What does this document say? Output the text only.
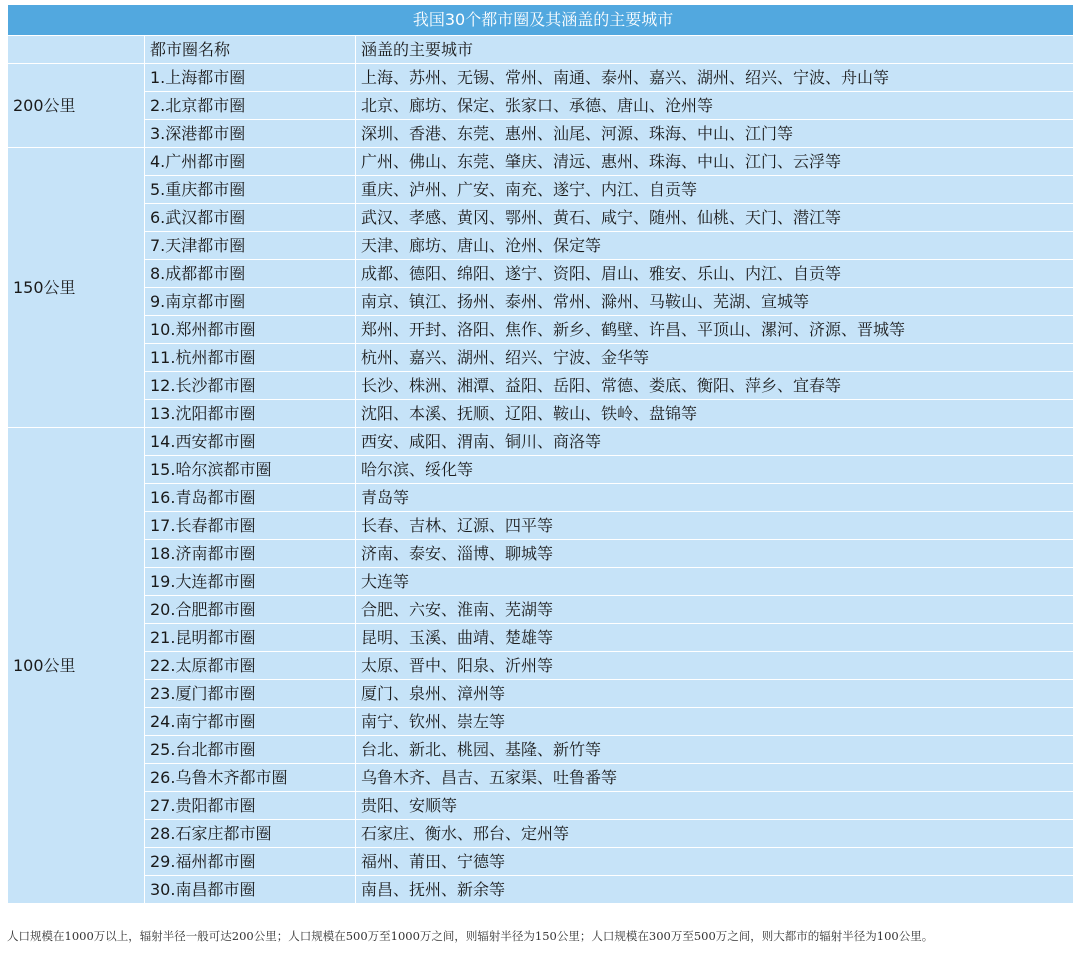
我国30个都市圈及其涵盖的主要城市		
	都市圈名称	涵盖的主要城市
200公里	1.上海都市圈	上海、苏州、无锡、常州、南通、泰州、嘉兴、湖州、绍兴、宁波、舟山等
	2.北京都市圈	北京、廊坊、保定、张家口、承德、唐山、沧州等
	3.深港都市圈	深圳、香港、东莞、惠州、汕尾、河源、珠海、中山、江门等
150公里	4.广州都市圈	广州、佛山、东莞、肇庆、清远、惠州、珠海、中山、江门、云浮等
	5.重庆都市圈	重庆、泸州、广安、南充、遂宁、内江、自贡等
	6.武汉都市圈	武汉、孝感、黄冈、鄂州、黄石、咸宁、随州、仙桃、天门、潜江等
	7.天津都市圈	天津、廊坊、唐山、沧州、保定等
	8.成都都市圈	成都、德阳、绵阳、遂宁、资阳、眉山、雅安、乐山、内江、自贡等
	9.南京都市圈	南京、镇江、扬州、泰州、常州、滁州、马鞍山、芜湖、宣城等
	10.郑州都市圈	郑州、开封、洛阳、焦作、新乡、鹤壁、许昌、平顶山、漯河、济源、晋城等
	11.杭州都市圈	杭州、嘉兴、湖州、绍兴、宁波、金华等
	12.长沙都市圈	长沙、株洲、湘潭、益阳、岳阳、常德、娄底、衡阳、萍乡、宜春等
	13.沈阳都市圈	沈阳、本溪、抚顺、辽阳、鞍山、铁岭、盘锦等
100公里	14.西安都市圈	西安、咸阳、渭南、铜川、商洛等
	15.哈尔滨都市圈	哈尔滨、绥化等
	16.青岛都市圈	青岛等
	17.长春都市圈	长春、吉林、辽源、四平等
	18.济南都市圈	济南、泰安、淄博、聊城等
	19.大连都市圈	大连等
	20.合肥都市圈	合肥、六安、淮南、芜湖等
	21.昆明都市圈	昆明、玉溪、曲靖、楚雄等
	22.太原都市圈	太原、晋中、阳泉、沂州等
	23.厦门都市圈	厦门、泉州、漳州等
	24.南宁都市圈	南宁、钦州、崇左等
	25.台北都市圈	台北、新北、桃园、基隆、新竹等
	26.乌鲁木齐都市圈	乌鲁木齐、昌吉、五家渠、吐鲁番等
	27.贵阳都市圈	贵阳、安顺等
	28.石家庄都市圈	石家庄、衡水、邢台、定州等
	29.福州都市圈	福州、莆田、宁德等
	30.南昌都市圈	南昌、抚州、新余等
人口规模在1000万以上，辐射半径一般可达200公里；人口规模在500万至1000万之间，则辐射半径为150公里；人口规模在300万至500万之间，则大都市的辐射半径为100公里。
